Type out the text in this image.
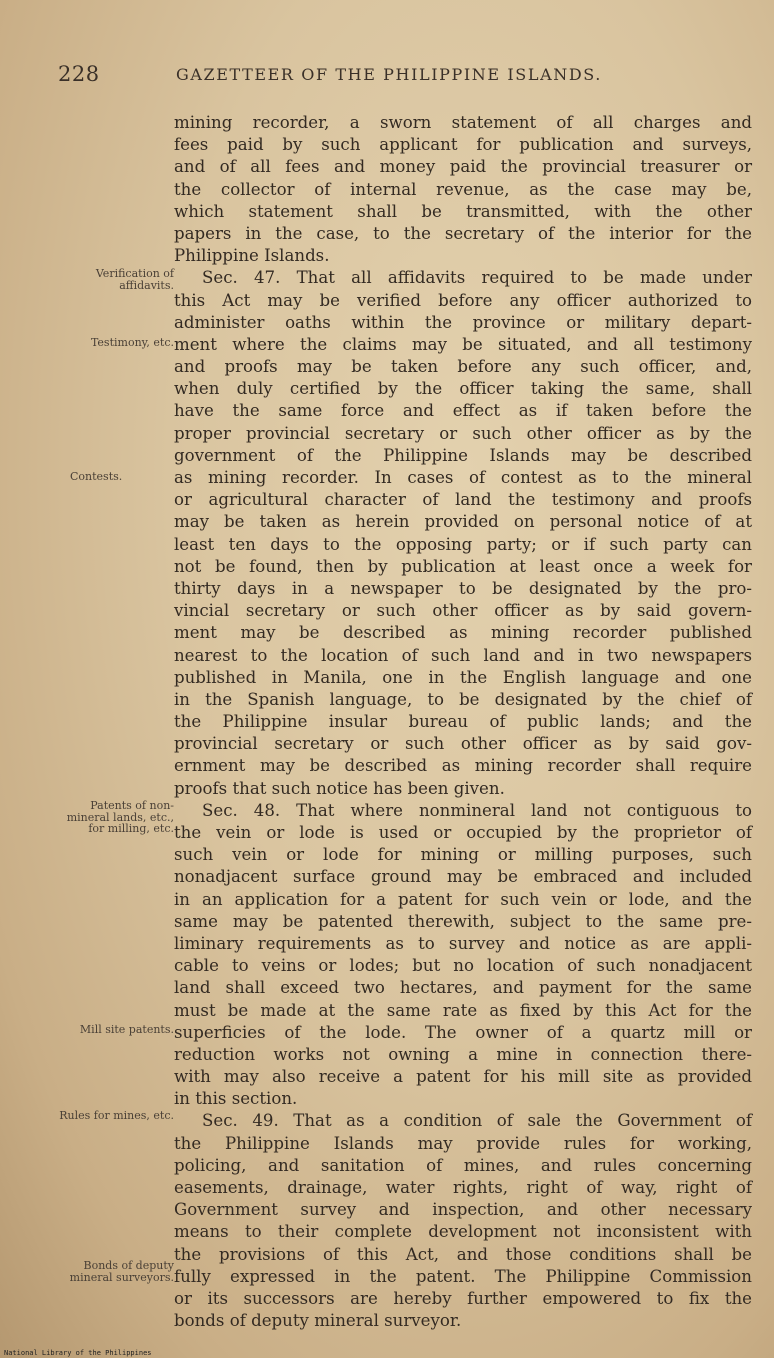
228	GAZETTEER OF THE PHILIPPINE ISLANDS.
Verification of affidavits.
Testimony, etc.
Contests.
Patents of non-mineral lands, etc., for milling, etc.
Mill site patents.
Rules for mines, etc.
Bonds of deputy mineral surveyors.
mining recorder, a sworn statement of all charges and
fees paid by such applicant for publication and surveys,
and of all fees and money paid the provincial treasurer or
the collector of internal revenue, as the case may be,
which statement shall be transmitted, with the other
papers in the case, to the secretary of the interior for the
Philippine Islands.
Sec. 47. That all affidavits required to be made under
this Act may be verified before any officer authorized to
administer oaths within the province or military depart-
ment where the claims may be situated, and all testimony
and proofs may be taken before any such officer, and,
when duly certified by the officer taking the same, shall
have the same force and effect as if taken before the
proper provincial secretary or such other officer as by the
government of the Philippine Islands may be described
as mining recorder. In cases of contest as to the mineral
or agricultural character of land the testimony and proofs
may be taken as herein provided on personal notice of at
least ten days to the opposing party; or if such party can
not be found, then by publication at least once a week for
thirty days in a newspaper to be designated by the pro-
vincial secretary or such other officer as by said govern-
ment may be described as mining recorder published
nearest to the location of such land and in two newspapers
published in Manila, one in the English language and one
in the Spanish language, to be designated by the chief of
the Philippine insular bureau of public lands; and the
provincial secretary or such other officer as by said gov-
ernment may be described as mining recorder shall require
proofs that such notice has been given.
Sec. 48. That where nonmineral land not contiguous to
the vein or lode is used or occupied by the proprietor of
such vein or lode for mining or milling purposes, such
nonadjacent surface ground may be embraced and included
in an application for a patent for such vein or lode, and the
same may be patented therewith, subject to the same pre-
liminary requirements as to survey and notice as are appli-
cable to veins or lodes; but no location of such nonadjacent
land shall exceed two hectares, and payment for the same
must be made at the same rate as fixed by this Act for the
superficies of the lode. The owner of a quartz mill or
reduction works not owning a mine in connection there-
with may also receive a patent for his mill site as provided
in this section.
Sec. 49. That as a condition of sale the Government of
the Philippine Islands may provide rules for working,
policing, and sanitation of mines, and rules concerning
easements, drainage, water rights, right of way, right of
Government survey and inspection, and other necessary
means to their complete development not inconsistent with
the provisions of this Act, and those conditions shall be
fully expressed in the patent. The Philippine Commission
or its successors are hereby further empowered to fix the
bonds of deputy mineral surveyor.
National Library of the Philippines
